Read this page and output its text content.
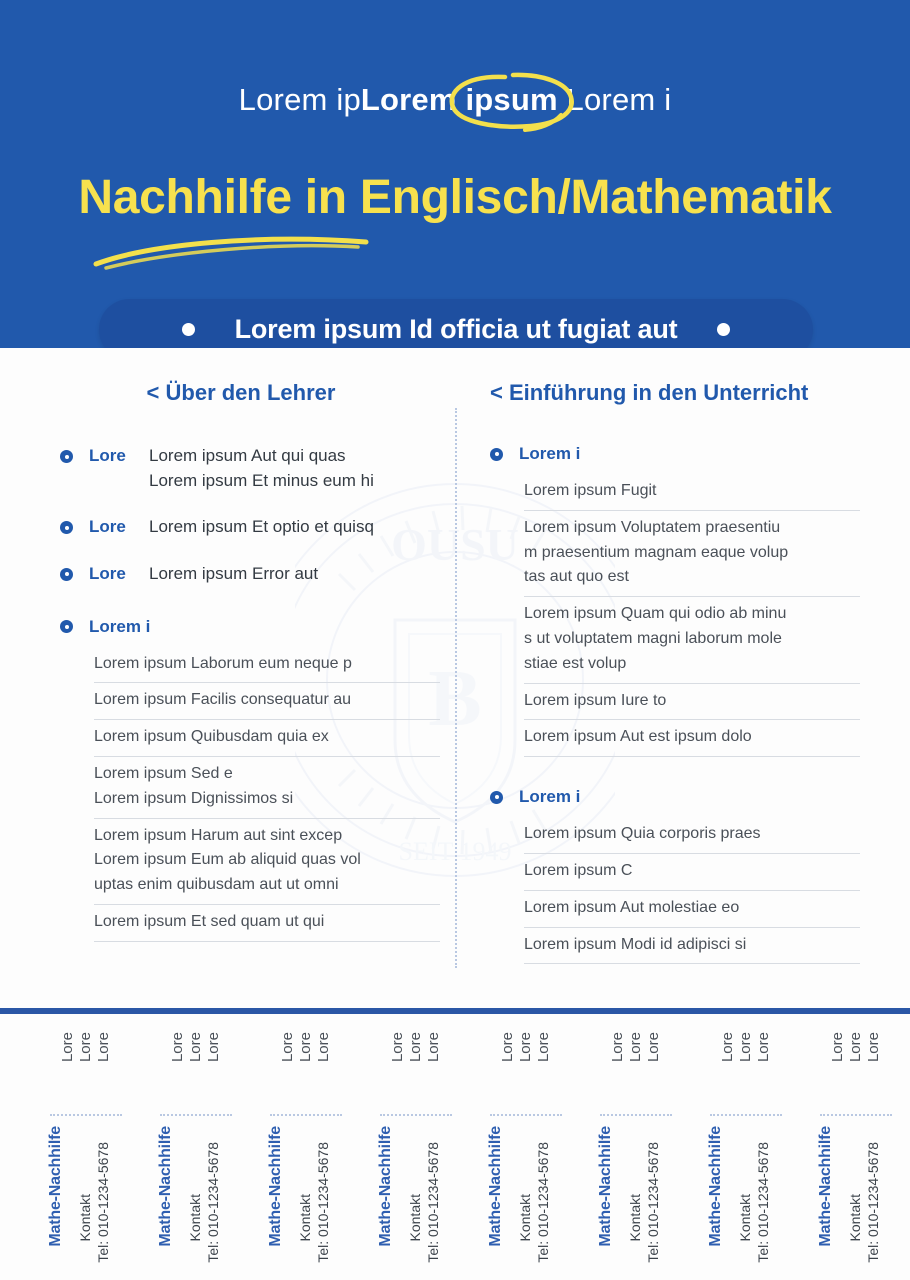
Lorem ipLorem ipsum Lorem i
Nachhilfe in Englisch/Mathematik
Lorem ipsum Id officia ut fugiat aut
OUSU
SEIT 1949
B
< Über den Lehrer
Lore	Lorem ipsum Aut qui quas
Lorem ipsum Et minus eum hi
Lore	Lorem ipsum Et optio et quisq
Lore	Lorem ipsum Error aut
Lorem i
Lorem ipsum Laborum eum neque p
Lorem ipsum Facilis consequatur au
Lorem ipsum Quibusdam quia ex
Lorem ipsum Sed e
Lorem ipsum Dignissimos si
Lorem ipsum Harum aut sint excep
Lorem ipsum Eum ab aliquid quas vol
uptas enim quibusdam aut ut omni
Lorem ipsum Et sed quam ut qui
< Einführung in den Unterricht
Lorem i
Lorem ipsum Fugit
Lorem ipsum Voluptatem praesentiu
m praesentium magnam eaque volup
tas aut quo est
Lorem ipsum Quam qui odio ab minu
s ut voluptatem magni laborum mole
stiae est volup
Lorem ipsum Iure to
Lorem ipsum Aut est ipsum dolo
Lorem i
Lorem ipsum Quia corporis praes
Lorem ipsum C
Lorem ipsum Aut molestiae eo
Lorem ipsum Modi id adipisci si
Lore Lore Lore
Mathe-Nachhilfe Kontakt Tel: 010-1234-5678
Lore Lore Lore
Mathe-Nachhilfe Kontakt Tel: 010-1234-5678
Lore Lore Lore
Mathe-Nachhilfe Kontakt Tel: 010-1234-5678
Lore Lore Lore
Mathe-Nachhilfe Kontakt Tel: 010-1234-5678
Lore Lore Lore
Mathe-Nachhilfe Kontakt Tel: 010-1234-5678
Lore Lore Lore
Mathe-Nachhilfe Kontakt Tel: 010-1234-5678
Lore Lore Lore
Mathe-Nachhilfe Kontakt Tel: 010-1234-5678
Lore Lore Lore
Mathe-Nachhilfe Kontakt Tel: 010-1234-5678
